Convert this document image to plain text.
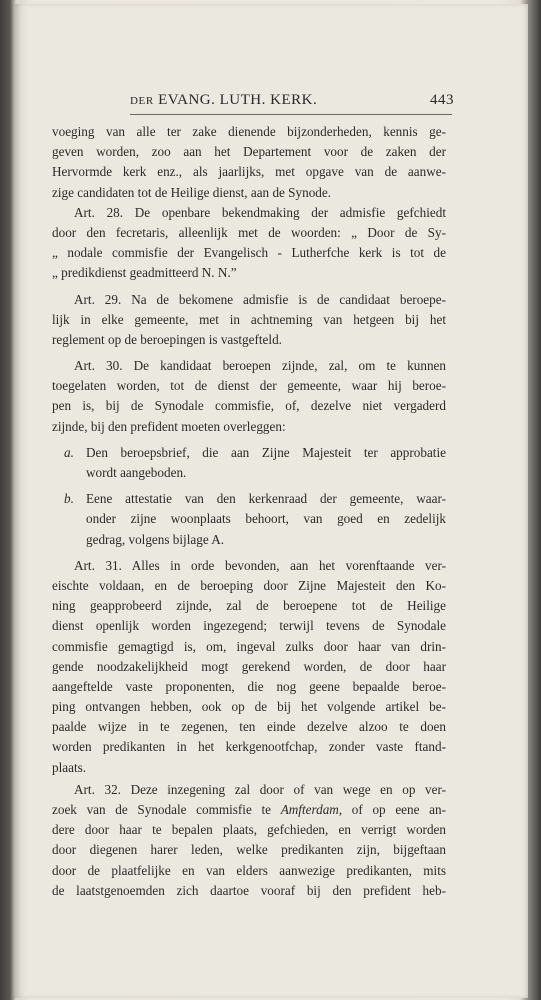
DER EVANG. LUTH. KERK.	443
voeging van alle ter zake dienende bijzonderheden, kennis ge-
geven worden, zoo aan het Departement voor de zaken der
Hervormde kerk enz., als jaarlijks, met opgave van de aanwe-
zige candidaten tot de Heilige dienst, aan de Synode.
Art. 28. De openbare bekendmaking der admisfie gefchiedt
door den fecretaris, alleenlijk met de woorden: „ Door de Sy-
„ nodale commisfie der Evangelisch - Lutherfche kerk is tot de
„ predikdienst geadmitteerd N. N.”
Art. 29. Na de bekomene admisfie is de candidaat beroepe-
lijk in elke gemeente, met in achtneming van hetgeen bij het
reglement op de beroepingen is vastgefteld.
Art. 30. De kandidaat beroepen zijnde, zal, om te kunnen
toegelaten worden, tot de dienst der gemeente, waar hij beroe-
pen is, bij de Synodale commisfie, of, dezelve niet vergaderd
zijnde, bij den prefident moeten overleggen:
a. Den beroepsbrief, die aan Zijne Majesteit ter approbatie
wordt aangeboden.
b. Eene attestatie van den kerkenraad der gemeente, waar-
onder zijne woonplaats behoort, van goed en zedelijk
gedrag, volgens bijlage A.
Art. 31. Alles in orde bevonden, aan het vorenftaande ver-
eischte voldaan, en de beroeping door Zijne Majesteit den Ko-
ning geapprobeerd zijnde, zal de beroepene tot de Heilige
dienst openlijk worden ingezegend; terwijl tevens de Synodale
commisfie gemagtigd is, om, ingeval zulks door haar van drin-
gende noodzakelijkheid mogt gerekend worden, de door haar
aangeftelde vaste proponenten, die nog geene bepaalde beroe-
ping ontvangen hebben, ook op de bij het volgende artikel be-
paalde wijze in te zegenen, ten einde dezelve alzoo te doen
worden predikanten in het kerkgenootfchap, zonder vaste ftand-
plaats.
Art. 32. Deze inzegening zal door of van wege en op ver-
zoek van de Synodale commisfie te Amfterdam, of op eene an-
dere door haar te bepalen plaats, gefchieden, en verrigt worden
door diegenen harer leden, welke predikanten zijn, bijgeftaan
door de plaatfelijke en van elders aanwezige predikanten, mits
de laatstgenoemden zich daartoe vooraf bij den prefident heb-
